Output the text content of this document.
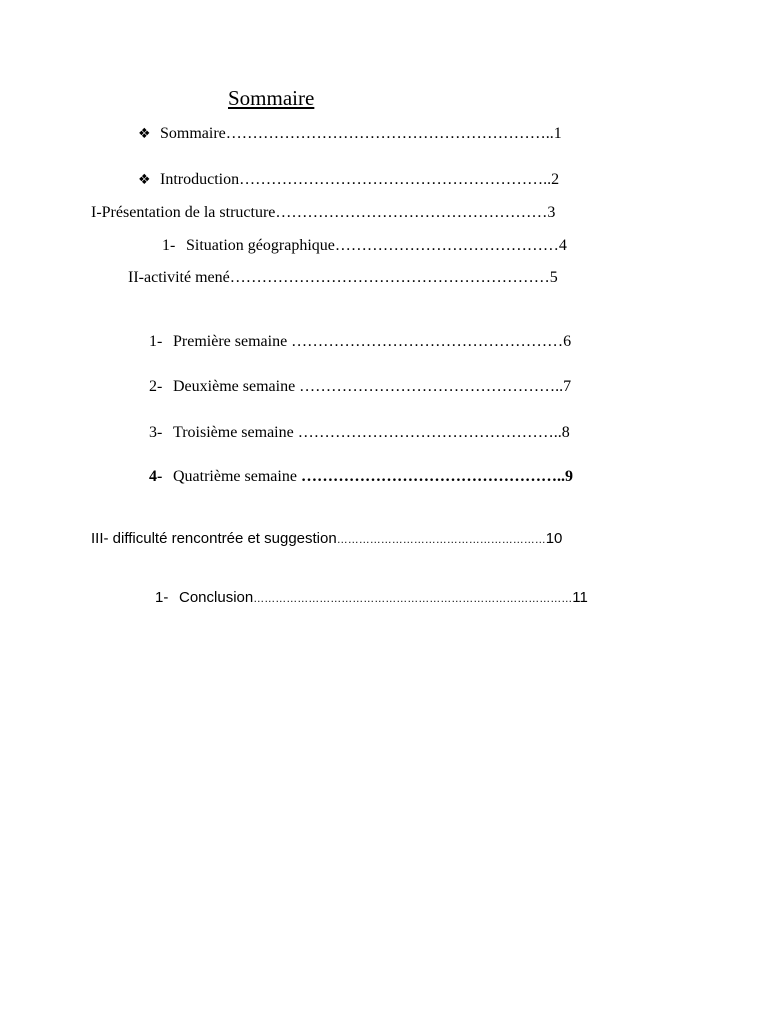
Sommaire
❖ Sommaire……………………………………………………..1
❖ Introduction…………………………………………………..2
I-Présentation de la structure……………………………………………3
1- Situation géographique……………………………………4
II-activité mené……………………………………………………5
1- Première semaine ……………………………………………6
2- Deuxième semaine …………………………………………..7
3- Troisième semaine …………………………………………..8
4- Quatrième semaine …………………………………………..9
III- difficulté rencontrée et suggestion…………………………………………………10
1- Conclusion……………………………………………………………………………11
